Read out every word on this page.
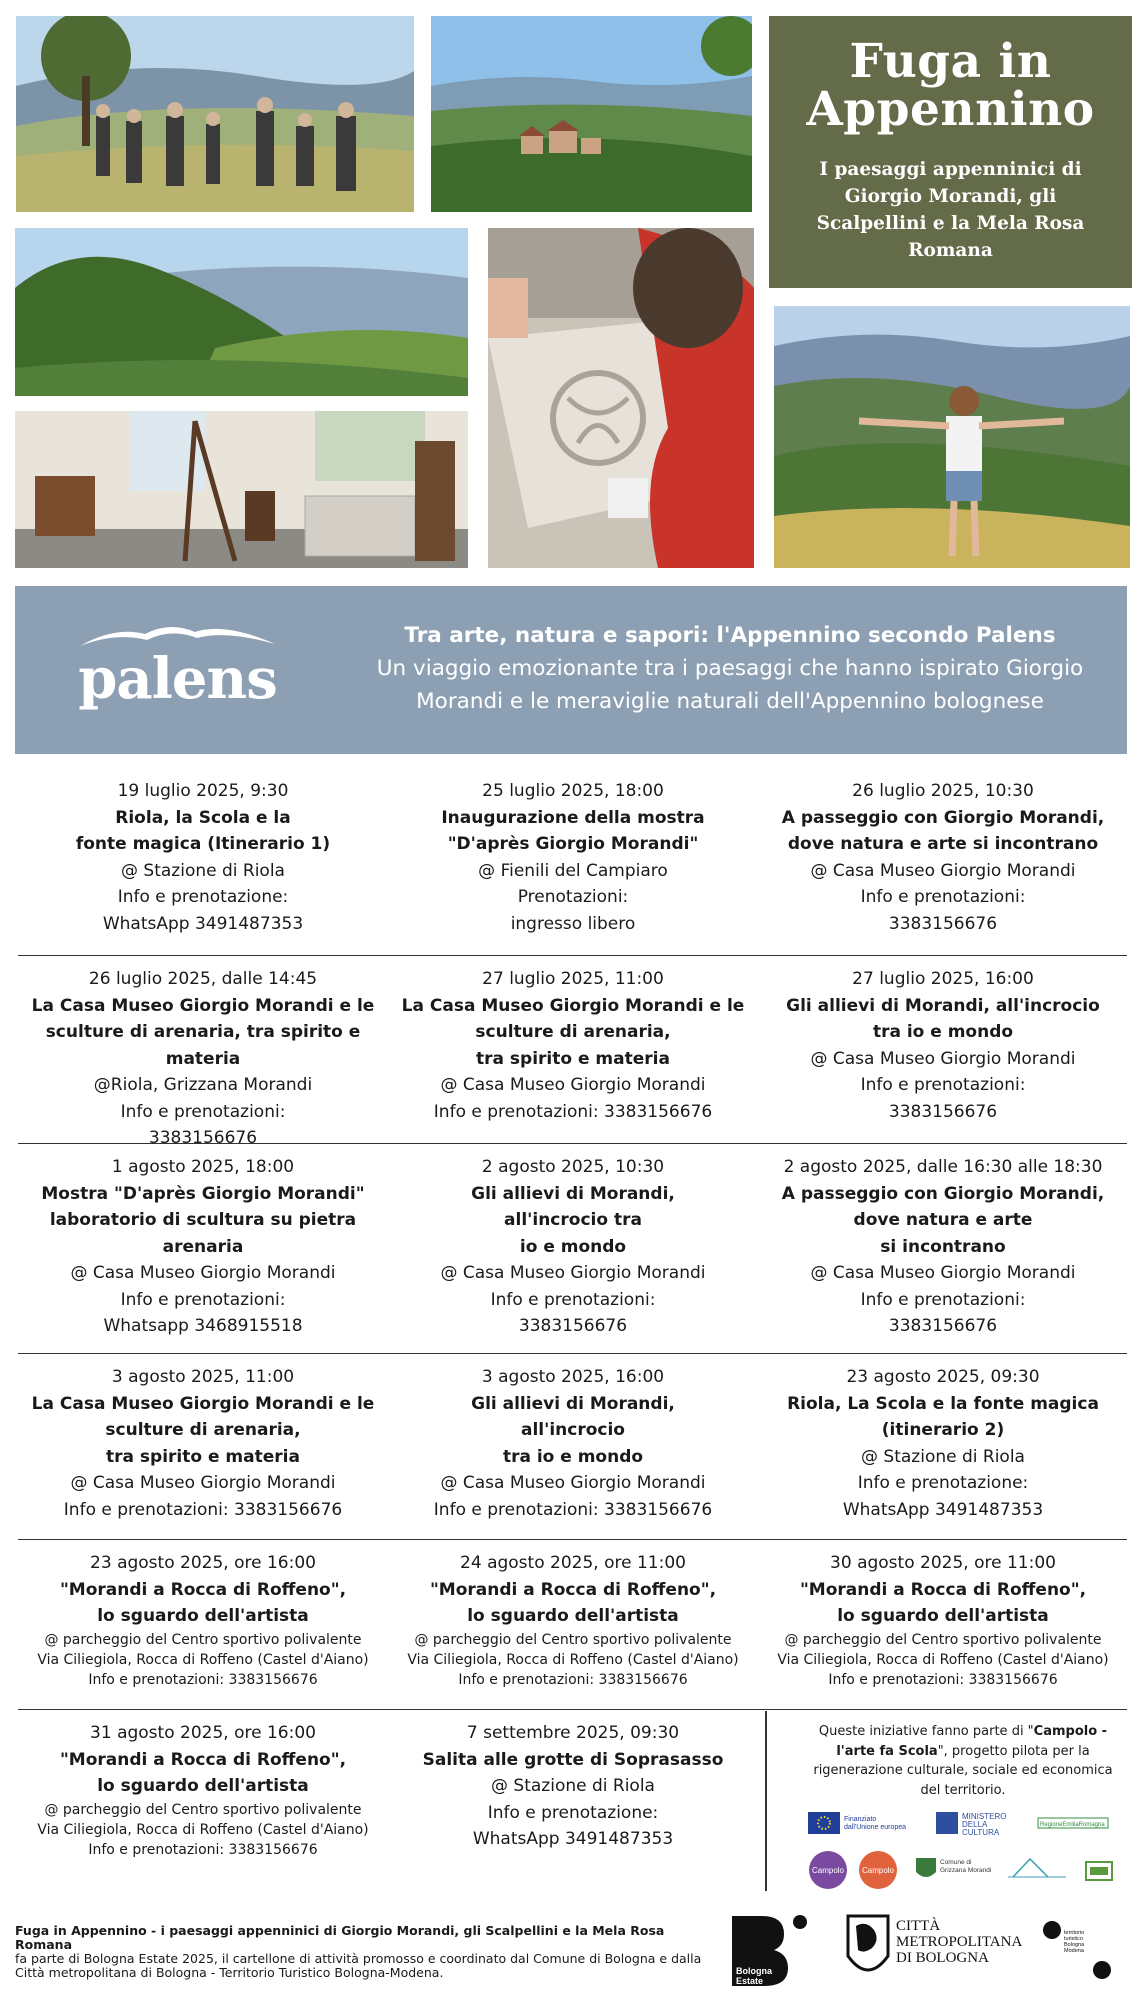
Fuga in Appennino
I paesaggi appenninici di Giorgio Morandi, gli Scalpellini e la Mela Rosa Romana
palens
Tra arte, natura e sapori: l'Appennino secondo Palens
Un viaggio emozionante tra i paesaggi che hanno ispirato Giorgio Morandi e le meraviglie naturali dell'Appennino bolognese
19 luglio 2025, 9:30
Riola, la Scola e la
fonte magica (Itinerario 1)
@ Stazione di Riola
Info e prenotazione:
WhatsApp 3491487353
25 luglio 2025, 18:00
Inaugurazione della mostra
"D'après Giorgio Morandi"
@ Fienili del Campiaro
Prenotazioni:
ingresso libero
26 luglio 2025, 10:30
A passeggio con Giorgio Morandi,
dove natura e arte si incontrano
@ Casa Museo Giorgio Morandi
Info e prenotazioni:
3383156676
26 luglio 2025, dalle 14:45
La Casa Museo Giorgio Morandi e le
sculture di arenaria, tra spirito e materia
@Riola, Grizzana Morandi
Info e prenotazioni:
3383156676
27 luglio 2025, 11:00
La Casa Museo Giorgio Morandi e le
sculture di arenaria,
tra spirito e materia
@ Casa Museo Giorgio Morandi
Info e prenotazioni: 3383156676
27 luglio 2025, 16:00
Gli allievi di Morandi, all'incrocio
tra io e mondo
@ Casa Museo Giorgio Morandi
Info e prenotazioni:
3383156676
1 agosto 2025, 18:00
Mostra "D'après Giorgio Morandi"
laboratorio di scultura su pietra
arenaria
@ Casa Museo Giorgio Morandi
Info e prenotazioni:
Whatsapp 3468915518
2 agosto 2025, 10:30
Gli allievi di Morandi,
all'incrocio tra
io e mondo
@ Casa Museo Giorgio Morandi
Info e prenotazioni:
3383156676
2 agosto 2025, dalle 16:30 alle 18:30
A passeggio con Giorgio Morandi,
dove natura e arte
si incontrano
@ Casa Museo Giorgio Morandi
Info e prenotazioni:
3383156676
3 agosto 2025, 11:00
La Casa Museo Giorgio Morandi e le
sculture di arenaria,
tra spirito e materia
@ Casa Museo Giorgio Morandi
Info e prenotazioni: 3383156676
3 agosto 2025, 16:00
Gli allievi di Morandi,
all'incrocio
tra io e mondo
@ Casa Museo Giorgio Morandi
Info e prenotazioni: 3383156676
23 agosto 2025, 09:30
Riola, La Scola e la fonte magica
(itinerario 2)
@ Stazione di Riola
Info e prenotazione:
WhatsApp 3491487353
23 agosto 2025, ore 16:00
"Morandi a Rocca di Roffeno",
lo sguardo dell'artista
@ parcheggio del Centro sportivo polivalente
Via Ciliegiola, Rocca di Roffeno (Castel d'Aiano)
Info e prenotazioni: 3383156676
24 agosto 2025, ore 11:00
"Morandi a Rocca di Roffeno",
lo sguardo dell'artista
@ parcheggio del Centro sportivo polivalente
Via Ciliegiola, Rocca di Roffeno (Castel d'Aiano)
Info e prenotazioni: 3383156676
30 agosto 2025, ore 11:00
"Morandi a Rocca di Roffeno",
lo sguardo dell'artista
@ parcheggio del Centro sportivo polivalente
Via Ciliegiola, Rocca di Roffeno (Castel d'Aiano)
Info e prenotazioni: 3383156676
31 agosto 2025, ore 16:00
"Morandi a Rocca di Roffeno",
lo sguardo dell'artista
@ parcheggio del Centro sportivo polivalente
Via Ciliegiola, Rocca di Roffeno (Castel d'Aiano)
Info e prenotazioni: 3383156676
7 settembre 2025, 09:30
Salita alle grotte di Soprasasso
@ Stazione di Riola
Info e prenotazione:
WhatsApp 3491487353
Queste iniziative fanno parte di "Campolo - l'arte fa Scola", progetto pilota per la rigenerazione culturale, sociale ed economica del territorio.
Finanziato dall'Unione europea
MINISTERO DELLA CULTURA
RegioneEmiliaRomagna
Campolo Campolo
Comune di Grizzana Morandi
Fuga in Appennino - i paesaggi appenninici di Giorgio Morandi, gli Scalpellini e la Mela Rosa Romana
fa parte di Bologna Estate 2025, il cartellone di attività promosso e coordinato dal Comune di Bologna e dalla Città metropolitana di Bologna - Territorio Turistico Bologna-Modena.	Bologna Estate
CITTÀ METROPOLITANA DI BOLOGNA
territorio turistico Bologna Modena
